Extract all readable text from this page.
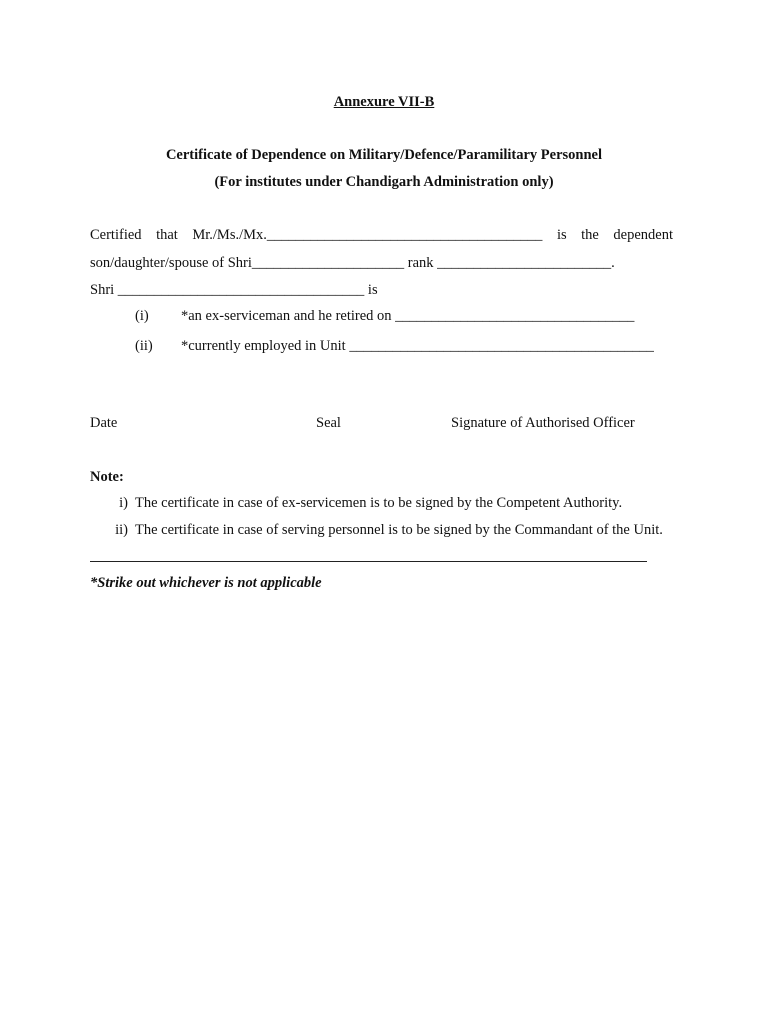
Annexure VII-B
Certificate of Dependence on Military/Defence/Paramilitary Personnel
(For institutes under Chandigarh Administration only)
Certified that Mr./Ms./Mx.______________________________________ is the dependent
son/daughter/spouse of Shri_____________________ rank ________________________.
Shri __________________________________ is
(i) *an ex-serviceman and he retired on _________________________________
(ii) *currently employed in Unit __________________________________________
Date	Seal	Signature of Authorised Officer
Note:
i) The certificate in case of ex-servicemen is to be signed by the Competent Authority.
ii) The certificate in case of serving personnel is to be signed by the Commandant of the Unit.
*Strike out whichever is not applicable
